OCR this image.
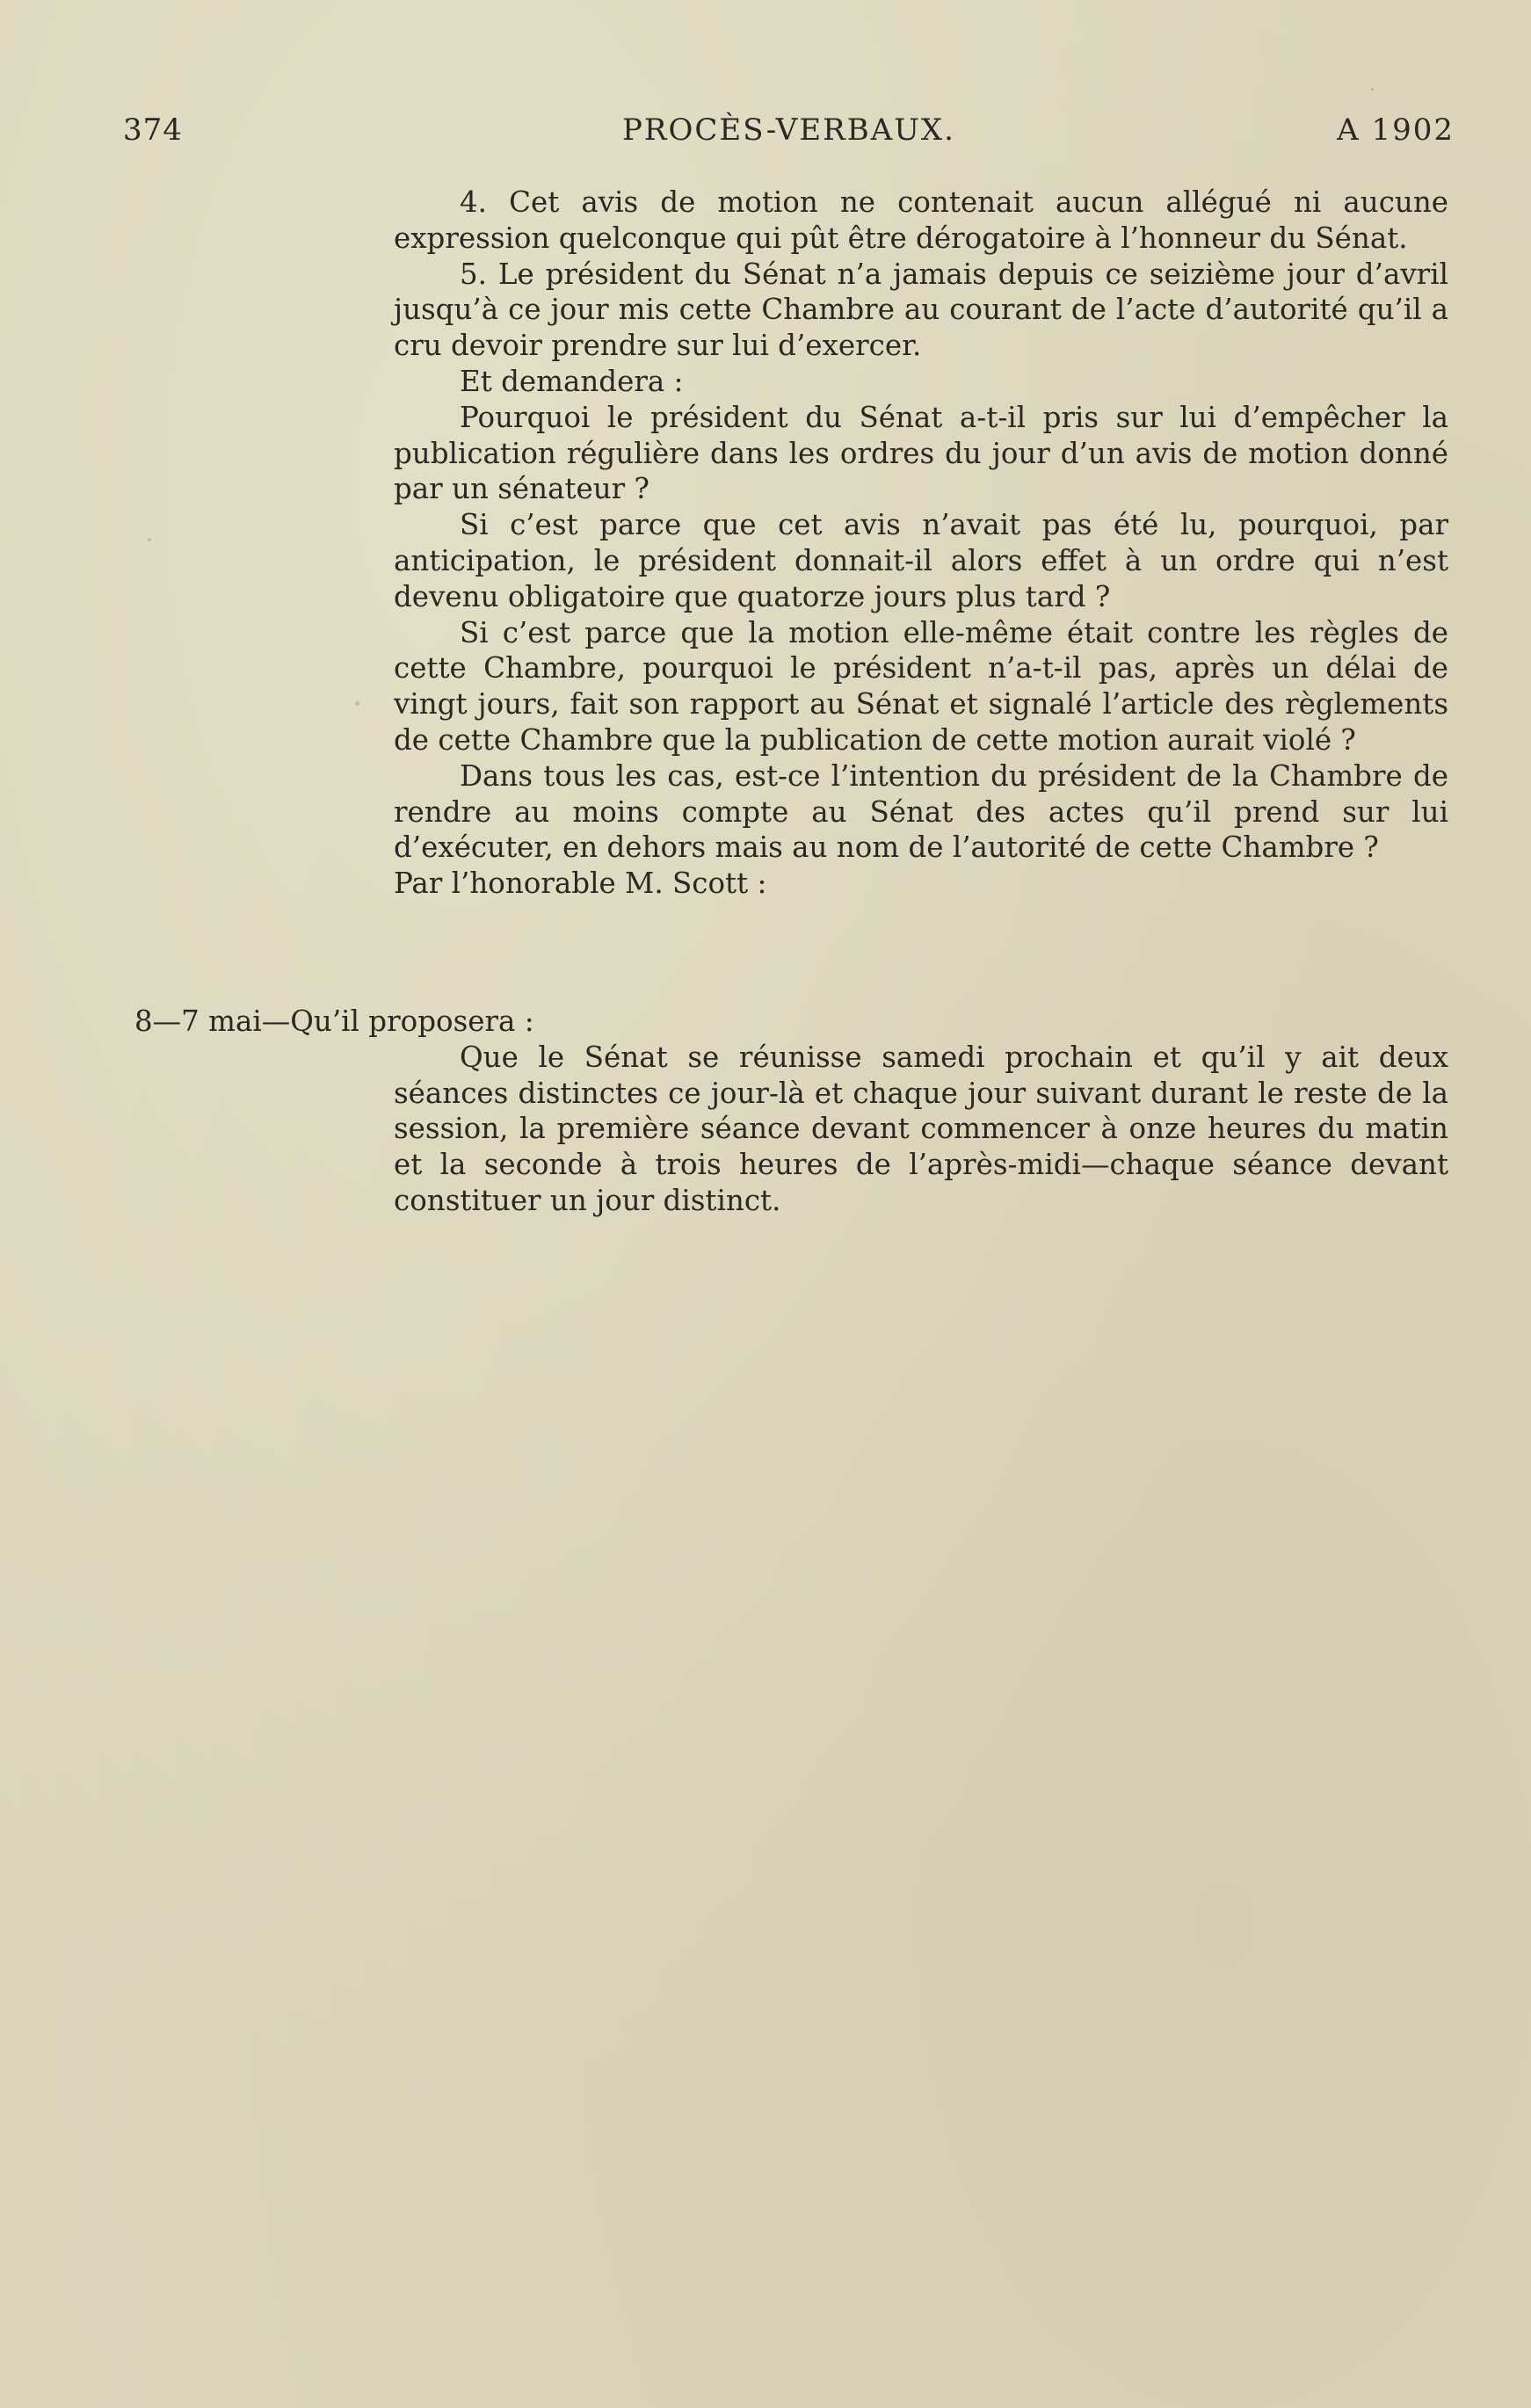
374	PROCÈS-VERBAUX.	A 1902

4. Cet avis de motion ne contenait aucun allégué ni aucune expression quelconque qui pût être dérogatoire à l’honneur du Sénat.

5. Le président du Sénat n’a jamais depuis ce seizième jour d’avril jusqu’à ce jour mis cette Chambre au courant de l’acte d’autorité qu’il a cru devoir prendre sur lui d’exercer.

Et demandera :

Pourquoi le président du Sénat a-t-il pris sur lui d’empêcher la publication régulière dans les ordres du jour d’un avis de motion donné par un sénateur ?

Si c’est parce que cet avis n’avait pas été lu, pourquoi, par anticipation, le président donnait-il alors effet à un ordre qui n’est devenu obligatoire que quatorze jours plus tard ?

Si c’est parce que la motion elle-même était contre les règles de cette Chambre, pourquoi le président n’a-t-il pas, après un délai de vingt jours, fait son rapport au Sénat et signalé l’article des règlements de cette Chambre que la publication de cette motion aurait violé ?

Dans tous les cas, est-ce l’intention du président de la Chambre de rendre au moins compte au Sénat des actes qu’il prend sur lui d’exécuter, en dehors mais au nom de l’autorité de cette Chambre ?

Par l’honorable M. Scott :

8—7 mai—Qu’il proposera :

Que le Sénat se réunisse samedi prochain et qu’il y ait deux séances distinctes ce jour-là et chaque jour suivant durant le reste de la session, la première séance devant commencer à onze heures du matin et la seconde à trois heures de l’après-midi—chaque séance devant constituer un jour distinct.
